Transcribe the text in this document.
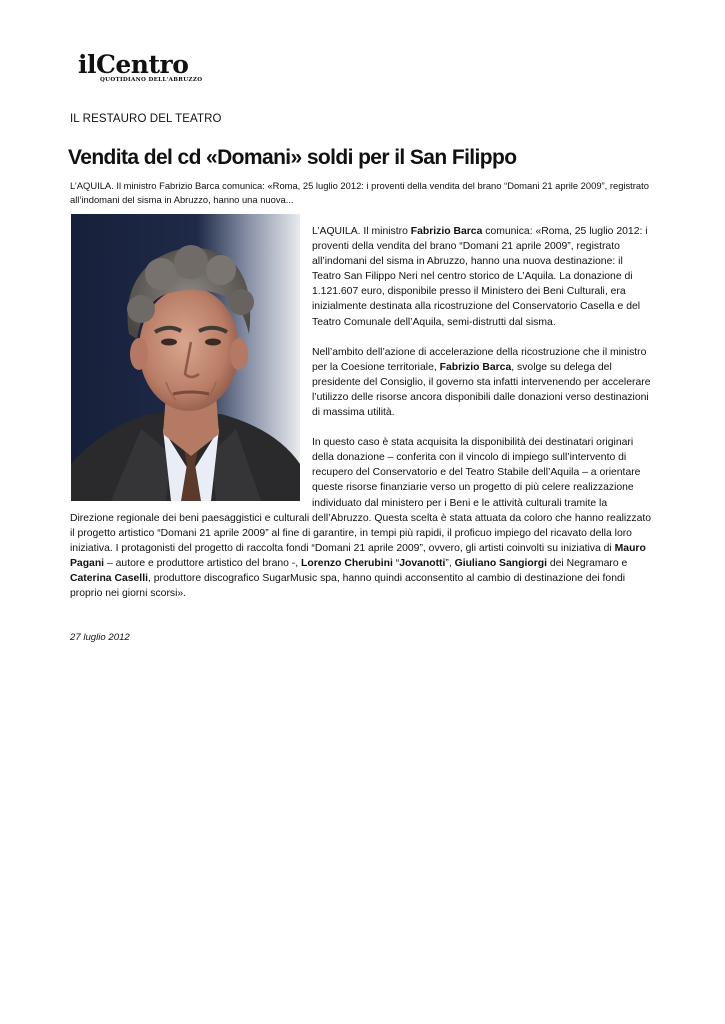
ilCentro
QUOTIDIANO DELL'ABRUZZO
IL RESTAURO DEL TEATRO
Vendita del cd «Domani» soldi per il San Filippo
L’AQUILA. Il ministro Fabrizio Barca comunica: «Roma, 25 luglio 2012: i proventi della vendita del brano “Domani 21 aprile 2009”, registrato all’indomani del sisma in Abruzzo, hanno una nuova...

L’AQUILA. Il ministro Fabrizio Barca comunica: «Roma, 25 luglio 2012: i proventi della vendita del brano “Domani 21 aprile 2009”, registrato all’indomani del sisma in Abruzzo, hanno una nuova destinazione: il Teatro San Filippo Neri nel centro storico de L’Aquila. La donazione di 1.121.607 euro, disponibile presso il Ministero dei Beni Culturali, era inizialmente destinata alla ricostruzione del Conservatorio Casella e del Teatro Comunale dell’Aquila, semi-distrutti dal sisma.

Nell’ambito dell’azione di accelerazione della ricostruzione che il ministro per la Coesione territoriale, Fabrizio Barca, svolge su delega del presidente del Consiglio, il governo sta infatti intervenendo per accelerare l’utilizzo delle risorse ancora disponibili dalle donazioni verso destinazioni di massima utilità.

In questo caso è stata acquisita la disponibilità dei destinatari originari della donazione – conferita con il vincolo di impiego sull’intervento di recupero del Conservatorio e del Teatro Stabile dell’Aquila – a orientare queste risorse finanziarie verso un progetto di più celere realizzazione individuato dal ministero per i Beni e le attività culturali tramite la Direzione regionale dei beni paesaggistici e culturali dell’Abruzzo. Questa scelta è stata attuata da coloro che hanno realizzato il progetto artistico “Domani 21 aprile 2009” al fine di garantire, in tempi più rapidi, il proficuo impiego del ricavato della loro iniziativa. I protagonisti del progetto di raccolta fondi “Domani 21 aprile 2009”, ovvero, gli artisti coinvolti su iniziativa di Mauro Pagani – autore e produttore artistico del brano -, Lorenzo Cherubini “Jovanotti”, Giuliano Sangiorgi dei Negramaro e Caterina Caselli, produttore discografico SugarMusic spa, hanno quindi acconsentito al cambio di destinazione dei fondi proprio nei giorni scorsi».

27 luglio 2012
